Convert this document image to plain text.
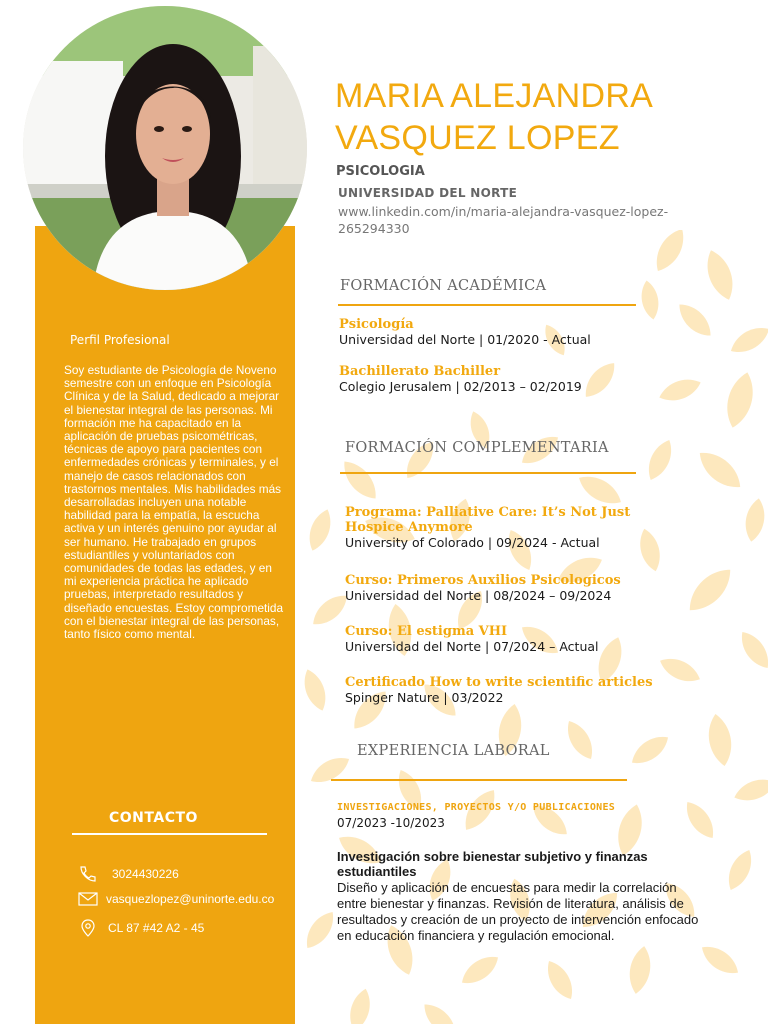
Perfil Profesional
Soy estudiante de Psicología de Noveno semestre con un enfoque en Psicología Clínica y de la Salud, dedicado a mejorar el bienestar integral de las personas. Mi formación me ha capacitado en la aplicación de pruebas psicométricas, técnicas de apoyo para pacientes con enfermedades crónicas y terminales, y el manejo de casos relacionados con trastornos mentales. Mis habilidades más desarrolladas incluyen una notable habilidad para la empatía, la escucha activa y un interés genuino por ayudar al ser humano. He trabajado en grupos estudiantiles y voluntariados con comunidades de todas las edades, y en mi experiencia práctica he aplicado pruebas, interpretado resultados y diseñado encuestas. Estoy comprometida con el bienestar integral de las personas, tanto físico como mental.
CONTACTO
3024430226
vasquezlopez@uninorte.edu.co
CL 87 #42 A2 - 45
MARIA ALEJANDRA
VASQUEZ LOPEZ
PSICOLOGIA
UNIVERSIDAD DEL NORTE
www.linkedin.com/in/maria-alejandra-vasquez-lopez-265294330
FORMACIÓN ACADÉMICA
Psicología
Universidad del Norte | 01/2020 - Actual
Bachillerato Bachiller
Colegio Jerusalem | 02/2013 – 02/2019
FORMACIÓN COMPLEMENTARIA
Programa: Palliative Care: It’s Not Just Hospice Anymore
University of Colorado | 09/2024 - Actual
Curso: Primeros Auxilios Psicologicos
Universidad del Norte | 08/2024 – 09/2024
Curso: El estigma VHI
Universidad del Norte | 07/2024 – Actual
Certificado How to write scientific articles
Spinger Nature | 03/2022
EXPERIENCIA LABORAL
INVESTIGACIONES, PROYECTOS Y/O PUBLICACIONES
07/2023 -10/2023
Investigación sobre bienestar subjetivo y finanzas estudiantiles
Diseño y aplicación de encuestas para medir la correlación entre bienestar y finanzas. Revisión de literatura, análisis de resultados y creación de un proyecto de intervención enfocado en educación financiera y regulación emocional.
